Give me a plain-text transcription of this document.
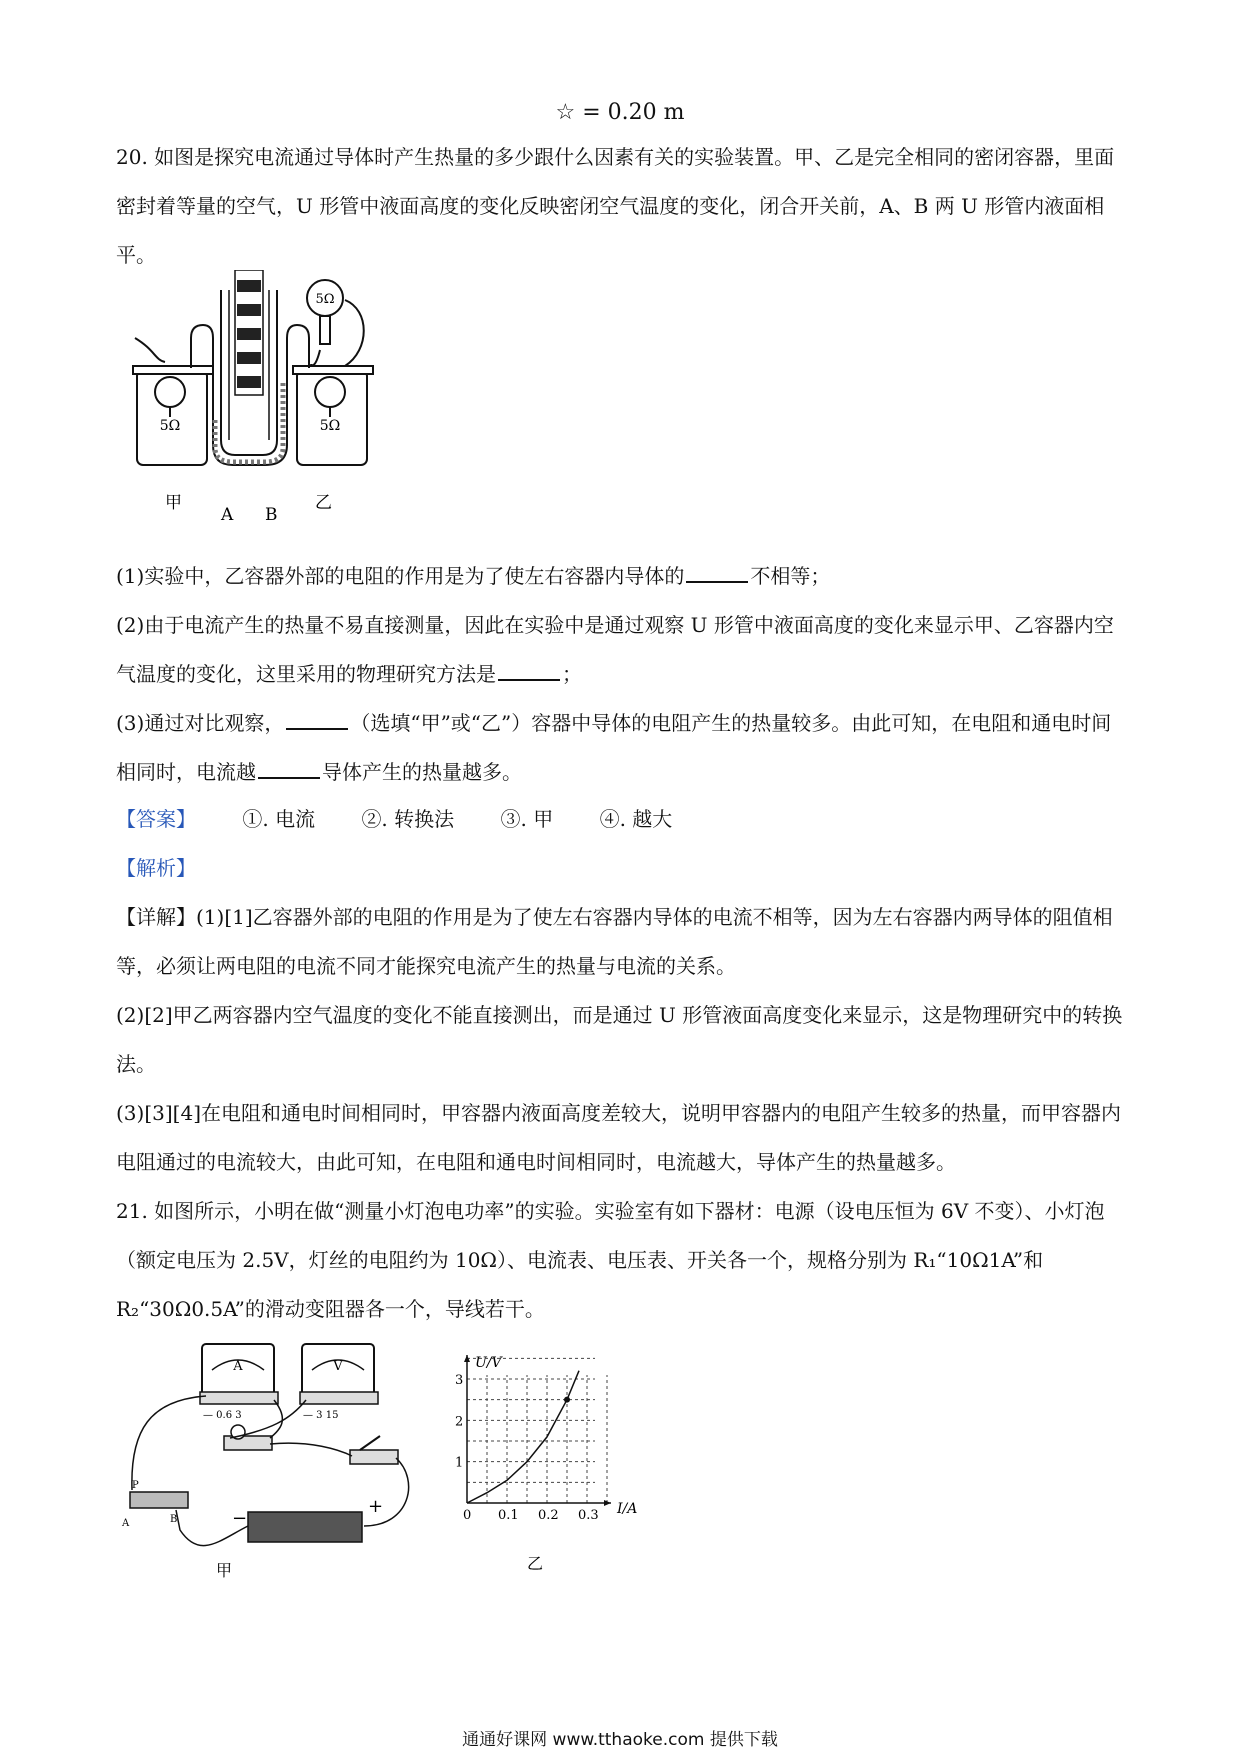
☆ = 0.20 m
20. 如图是探究电流通过导体时产生热量的多少跟什么因素有关的实验装置。甲、乙是完全相同的密闭容器，里面密封着等量的空气，U 形管中液面高度的变化反映密闭空气温度的变化，闭合开关前，A、B 两 U 形管内液面相平。
5Ω
5Ω	5Ω
甲
A B
乙
(1)实验中，乙容器外部的电阻的作用是为了使左右容器内导体的	不相等；
(2)由于电流产生的热量不易直接测量，因此在实验中是通过观察 U 形管中液面高度的变化来显示甲、乙容器内空气温度的变化，这里采用的物理研究方法是	；
(3)通过对比观察，	（选填“甲”或“乙”）容器中导体的电阻产生的热量较多。由此可知，在电阻和通电时间相同时，电流越	导体产生的热量越多。
【答案】 ①. 电流 ②. 转换法 ③. 甲 ④. 越大
【解析】
【详解】(1)[1]乙容器外部的电阻的作用是为了使左右容器内导体的电流不相等，因为左右容器内两导体的阻值相等，必须让两电阻的电流不同才能探究电流产生的热量与电流的关系。
(2)[2]甲乙两容器内空气温度的变化不能直接测出，而是通过 U 形管液面高度变化来显示，这是物理研究中的转换法。
(3)[3][4]在电阻和通电时间相同时，甲容器内液面高度差较大，说明甲容器内的电阻产生较多的热量，而甲容器内电阻通过的电流较大，由此可知，在电阻和通电时间相同时，电流越大，导体产生的热量越多。
21. 如图所示，小明在做“测量小灯泡电功率”的实验。实验室有如下器材：电源（设电压恒为 6V 不变）、小灯泡（额定电压为 2.5V，灯丝的电阻约为 10Ω）、电流表、电压表、开关各一个，规格分别为 R₁“10Ω1A”和 R₂“30Ω0.5A”的滑动变阻器各一个，导线若干。
A
— 0.6 3
V
— 3 15
−
+
P
A	B
甲
U/V
I/A
乙
0 0.1 0.2 0.3
1
2
3
通通好课网 www.tthaoke.com 提供下载
